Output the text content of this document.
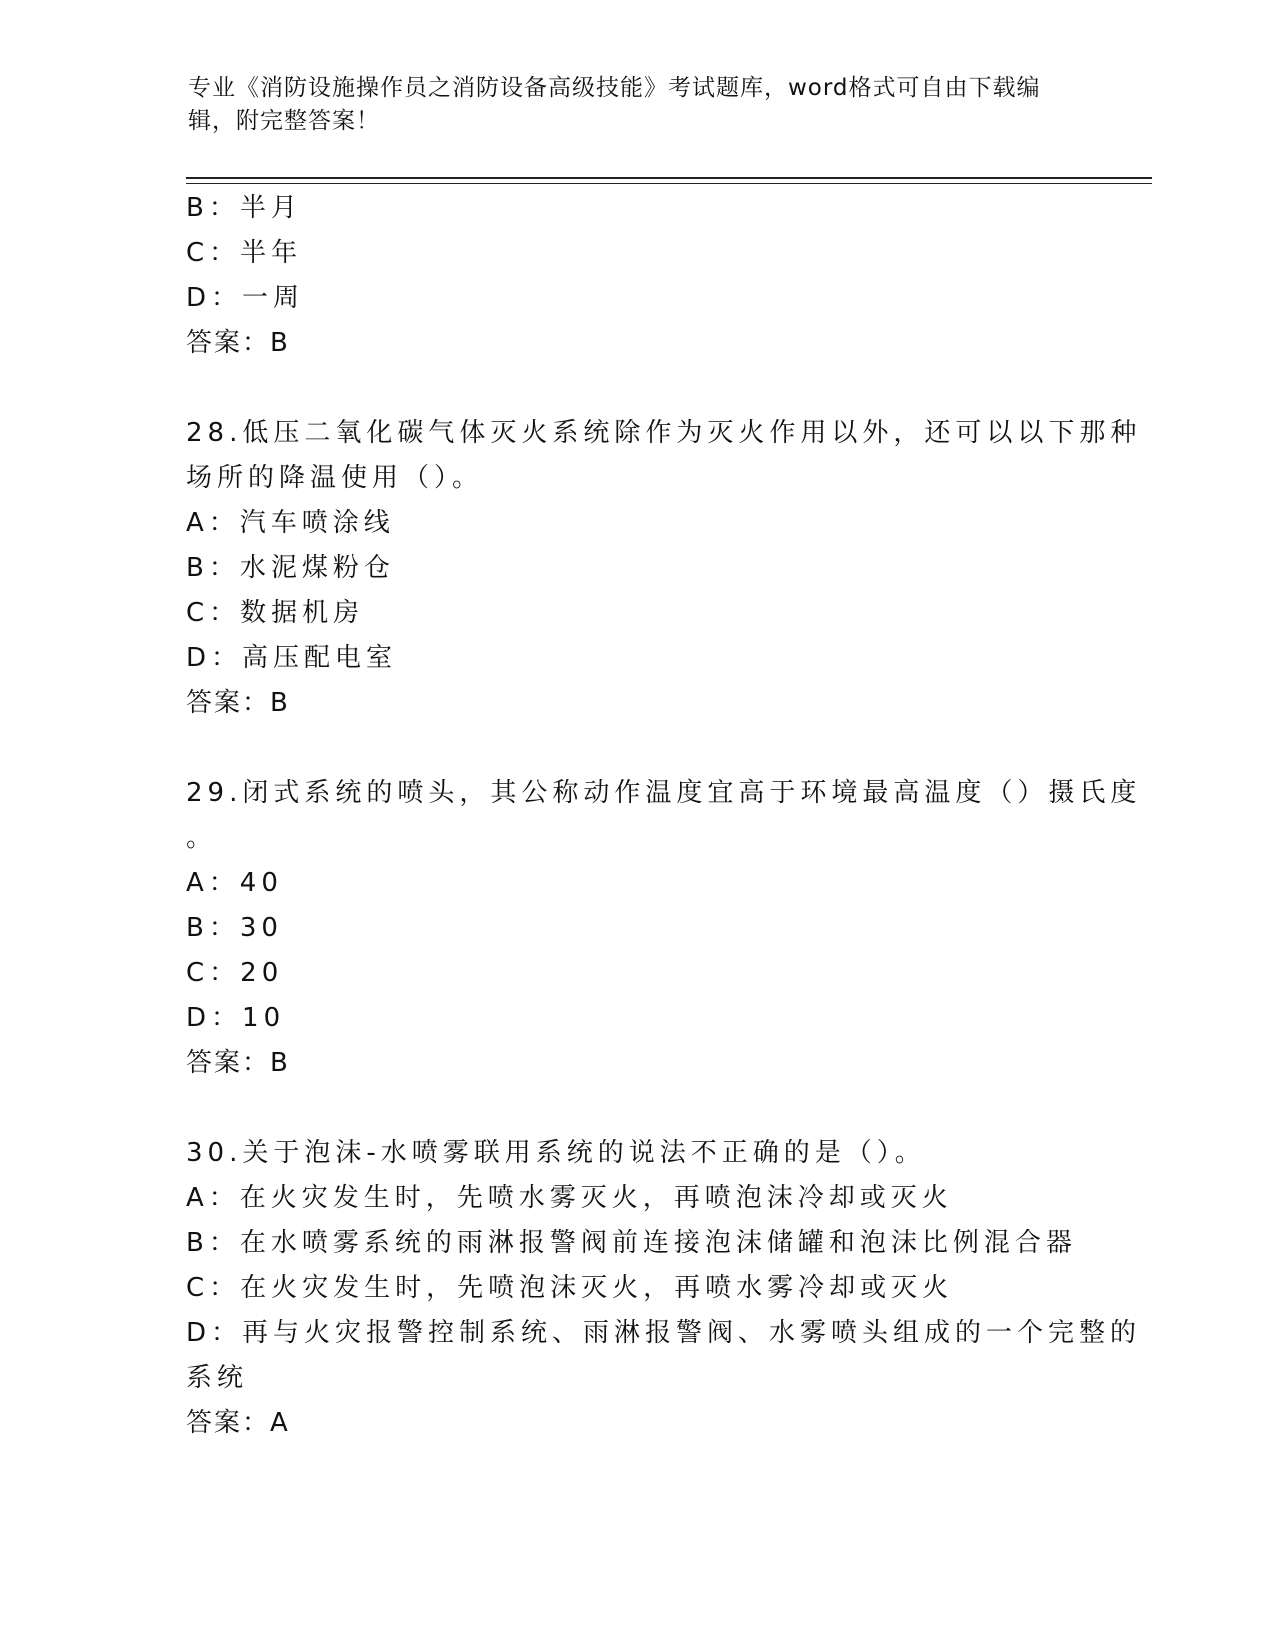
专业《消防设施操作员之消防设备高级技能》考试题库，word格式可自由下载编辑，附完整答案！
B：半月
C：半年
D：一周
答案：B
28.低压二氧化碳气体灭火系统除作为灭火作用以外，还可以以下那种
场所的降温使用（）。
A：汽车喷涂线
B：水泥煤粉仓
C：数据机房
D：高压配电室
答案：B
29.闭式系统的喷头，其公称动作温度宜高于环境最高温度（）摄氏度
。
A：40
B：30
C：20
D：10
答案：B
30.关于泡沫-水喷雾联用系统的说法不正确的是（）。
A：在火灾发生时，先喷水雾灭火，再喷泡沫冷却或灭火
B：在水喷雾系统的雨淋报警阀前连接泡沫储罐和泡沫比例混合器
C：在火灾发生时，先喷泡沫灭火，再喷水雾冷却或灭火
D：再与火灾报警控制系统、雨淋报警阀、水雾喷头组成的一个完整的
系统
答案：A
